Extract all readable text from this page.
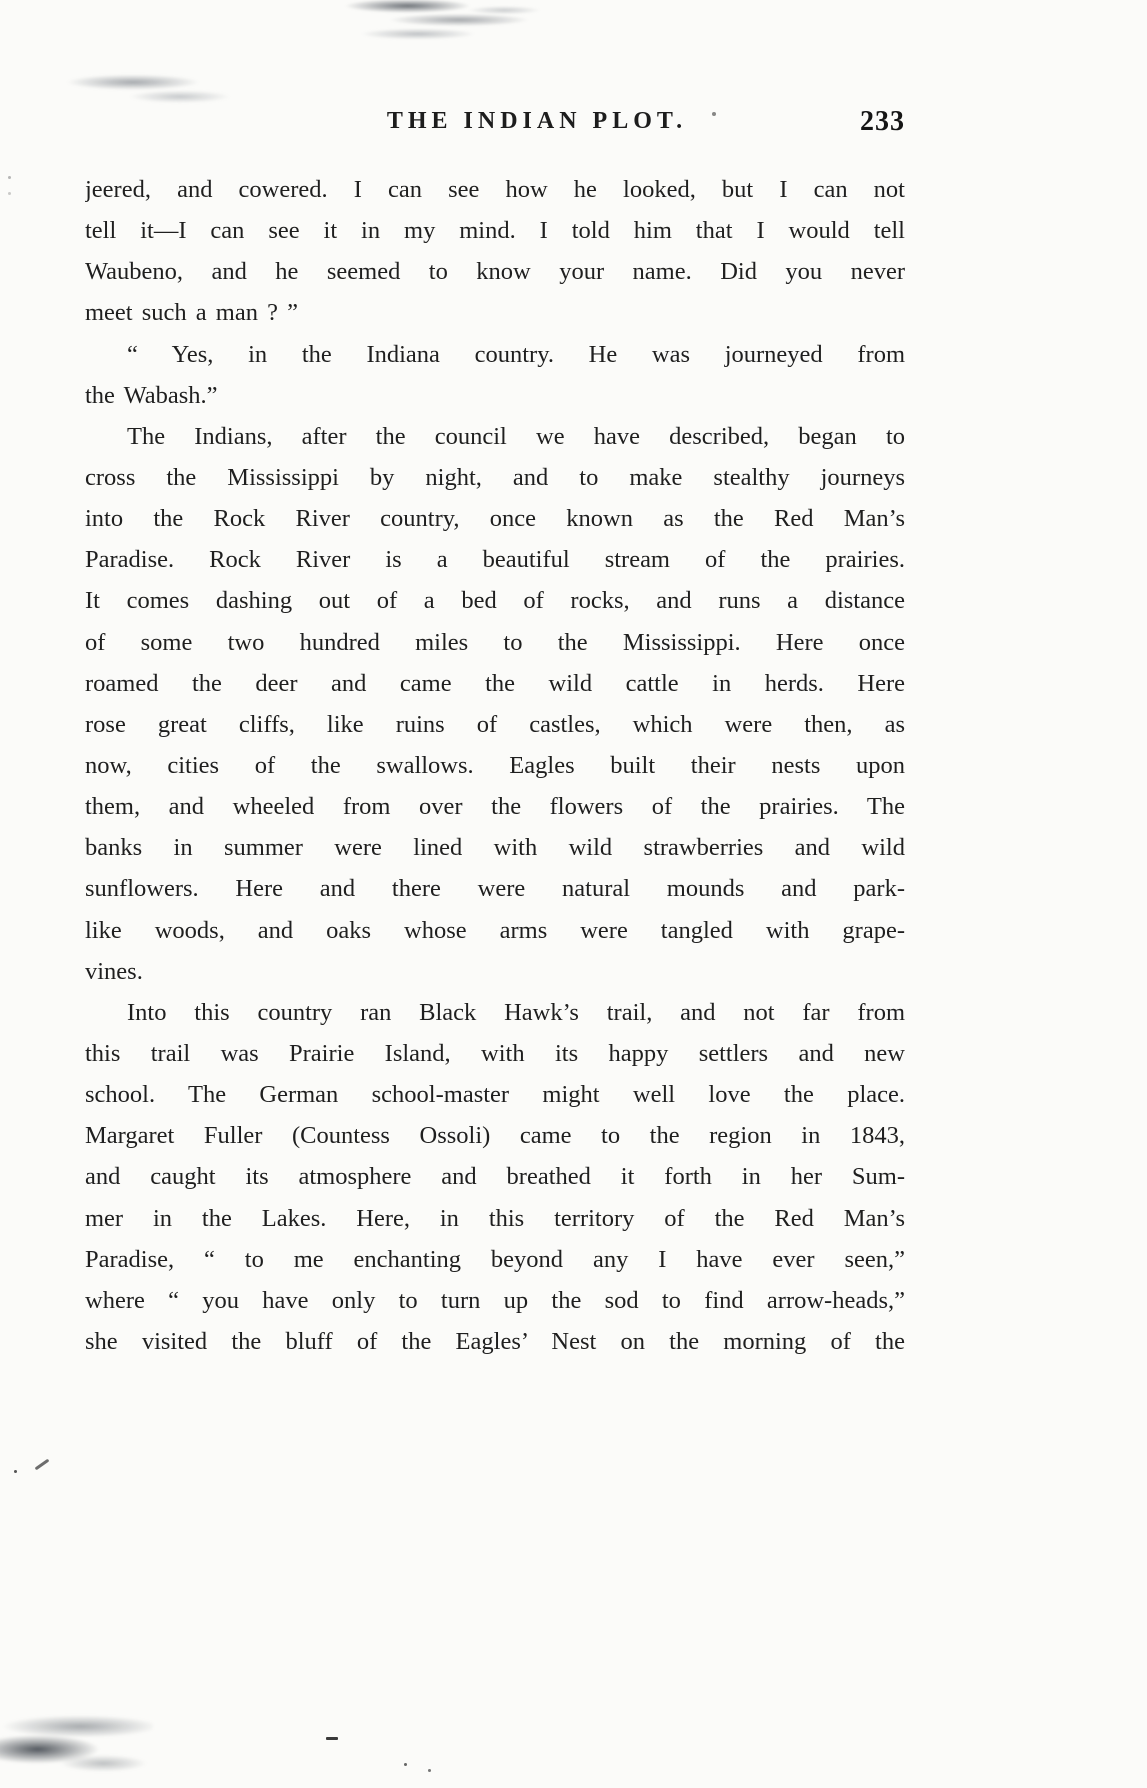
THE INDIAN PLOT.	233
jeered, and cowered. I can see how he looked, but I can not
tell it—I can see it in my mind. I told him that I would tell
Waubeno, and he seemed to know your name. Did you never
meet such a man ? ”
“ Yes, in the Indiana country. He was journeyed from
the Wabash.”
The Indians, after the council we have described, began to
cross the Mississippi by night, and to make stealthy journeys
into the Rock River country, once known as the Red Man’s
Paradise. Rock River is a beautiful stream of the prairies.
It comes dashing out of a bed of rocks, and runs a distance
of some two hundred miles to the Mississippi. Here once
roamed the deer and came the wild cattle in herds. Here
rose great cliffs, like ruins of castles, which were then, as
now, cities of the swallows. Eagles built their nests upon
them, and wheeled from over the flowers of the prairies. The
banks in summer were lined with wild strawberries and wild
sunflowers. Here and there were natural mounds and park-
like woods, and oaks whose arms were tangled with grape-
vines.
Into this country ran Black Hawk’s trail, and not far from
this trail was Prairie Island, with its happy settlers and new
school. The German school-master might well love the place.
Margaret Fuller (Countess Ossoli) came to the region in 1843,
and caught its atmosphere and breathed it forth in her Sum-
mer in the Lakes. Here, in this territory of the Red Man’s
Paradise, “ to me enchanting beyond any I have ever seen,”
where “ you have only to turn up the sod to find arrow-heads,”
she visited the bluff of the Eagles’ Nest on the morning of the
